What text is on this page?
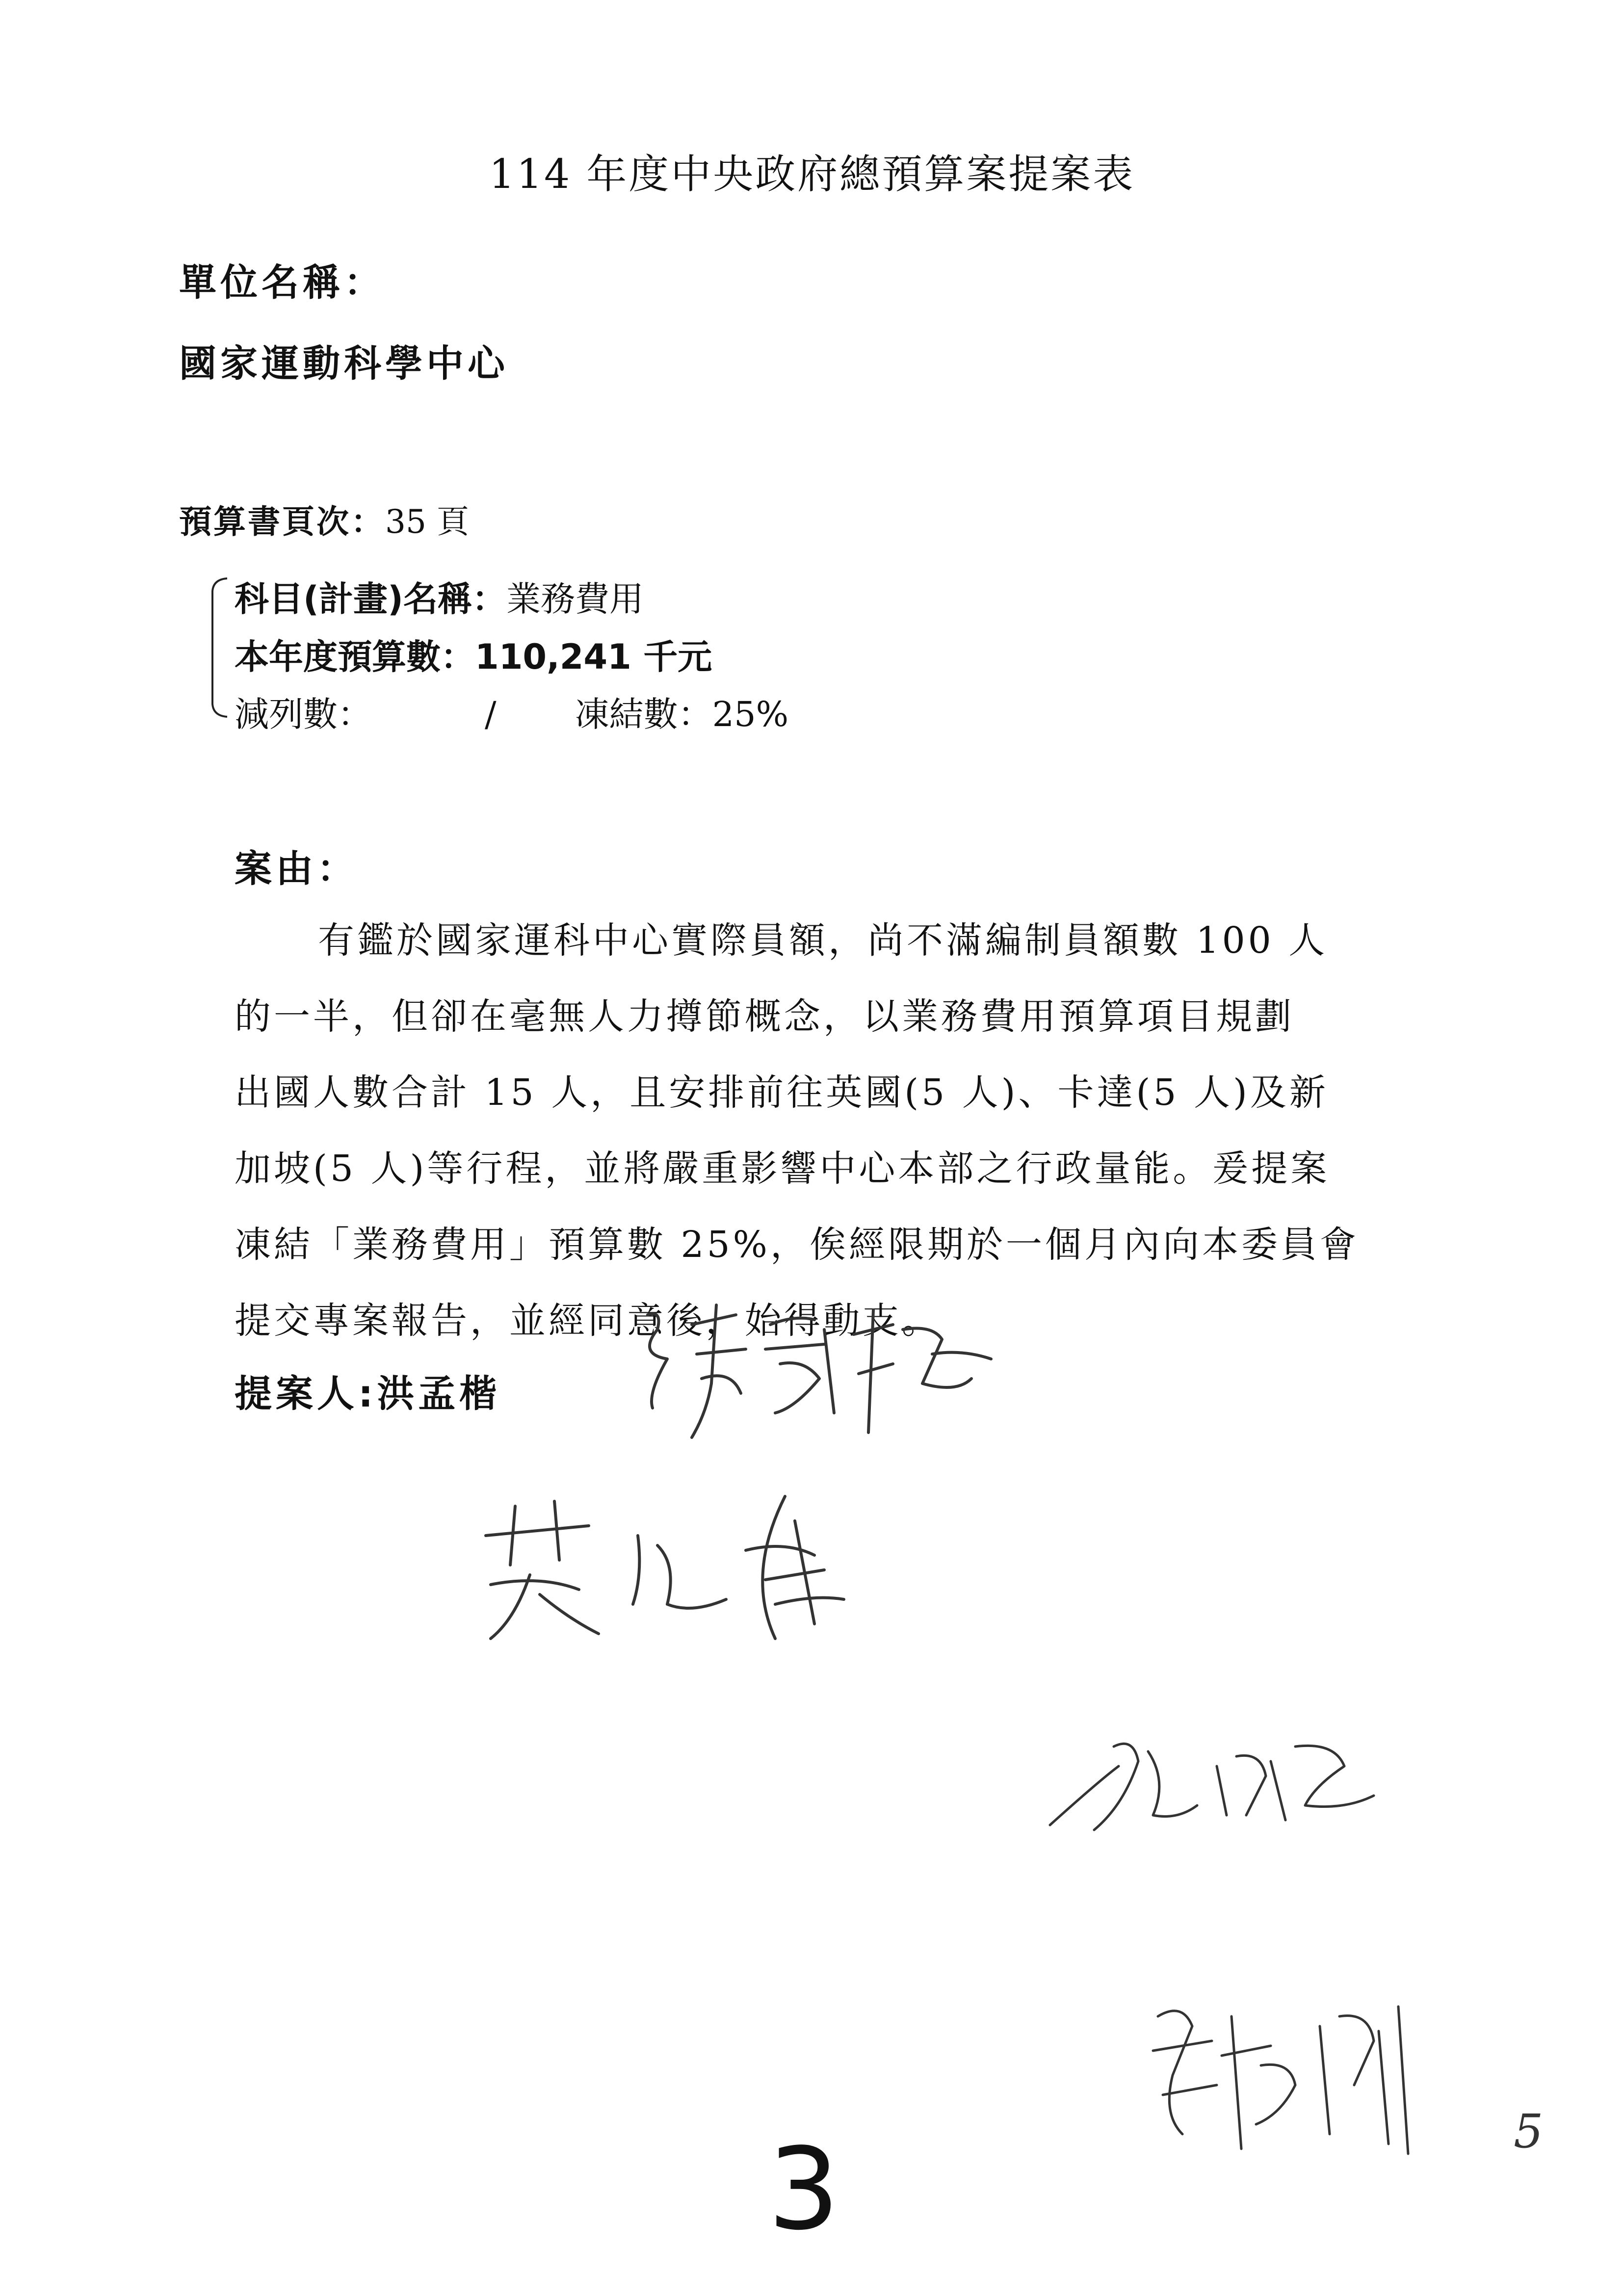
114 年度中央政府總預算案提案表
單位名稱：
國家運動科學中心
預算書頁次：35 頁
科目(計畫)名稱：業務費用
本年度預算數：110,241 千元
減列數：	/ 凍結數：25%
案由：
有鑑於國家運科中心實際員額，尚不滿編制員額數 100 人
的一半，但卻在毫無人力撙節概念，以業務費用預算項目規劃
出國人數合計 15 人，且安排前往英國(5 人)、卡達(5 人)及新
加坡(5 人)等行程，並將嚴重影響中心本部之行政量能。爰提案
凍結「業務費用」預算數 25%，俟經限期於一個月內向本委員會
提交專案報告，並經同意後，始得動支。
提案人:洪孟楷
3	5
